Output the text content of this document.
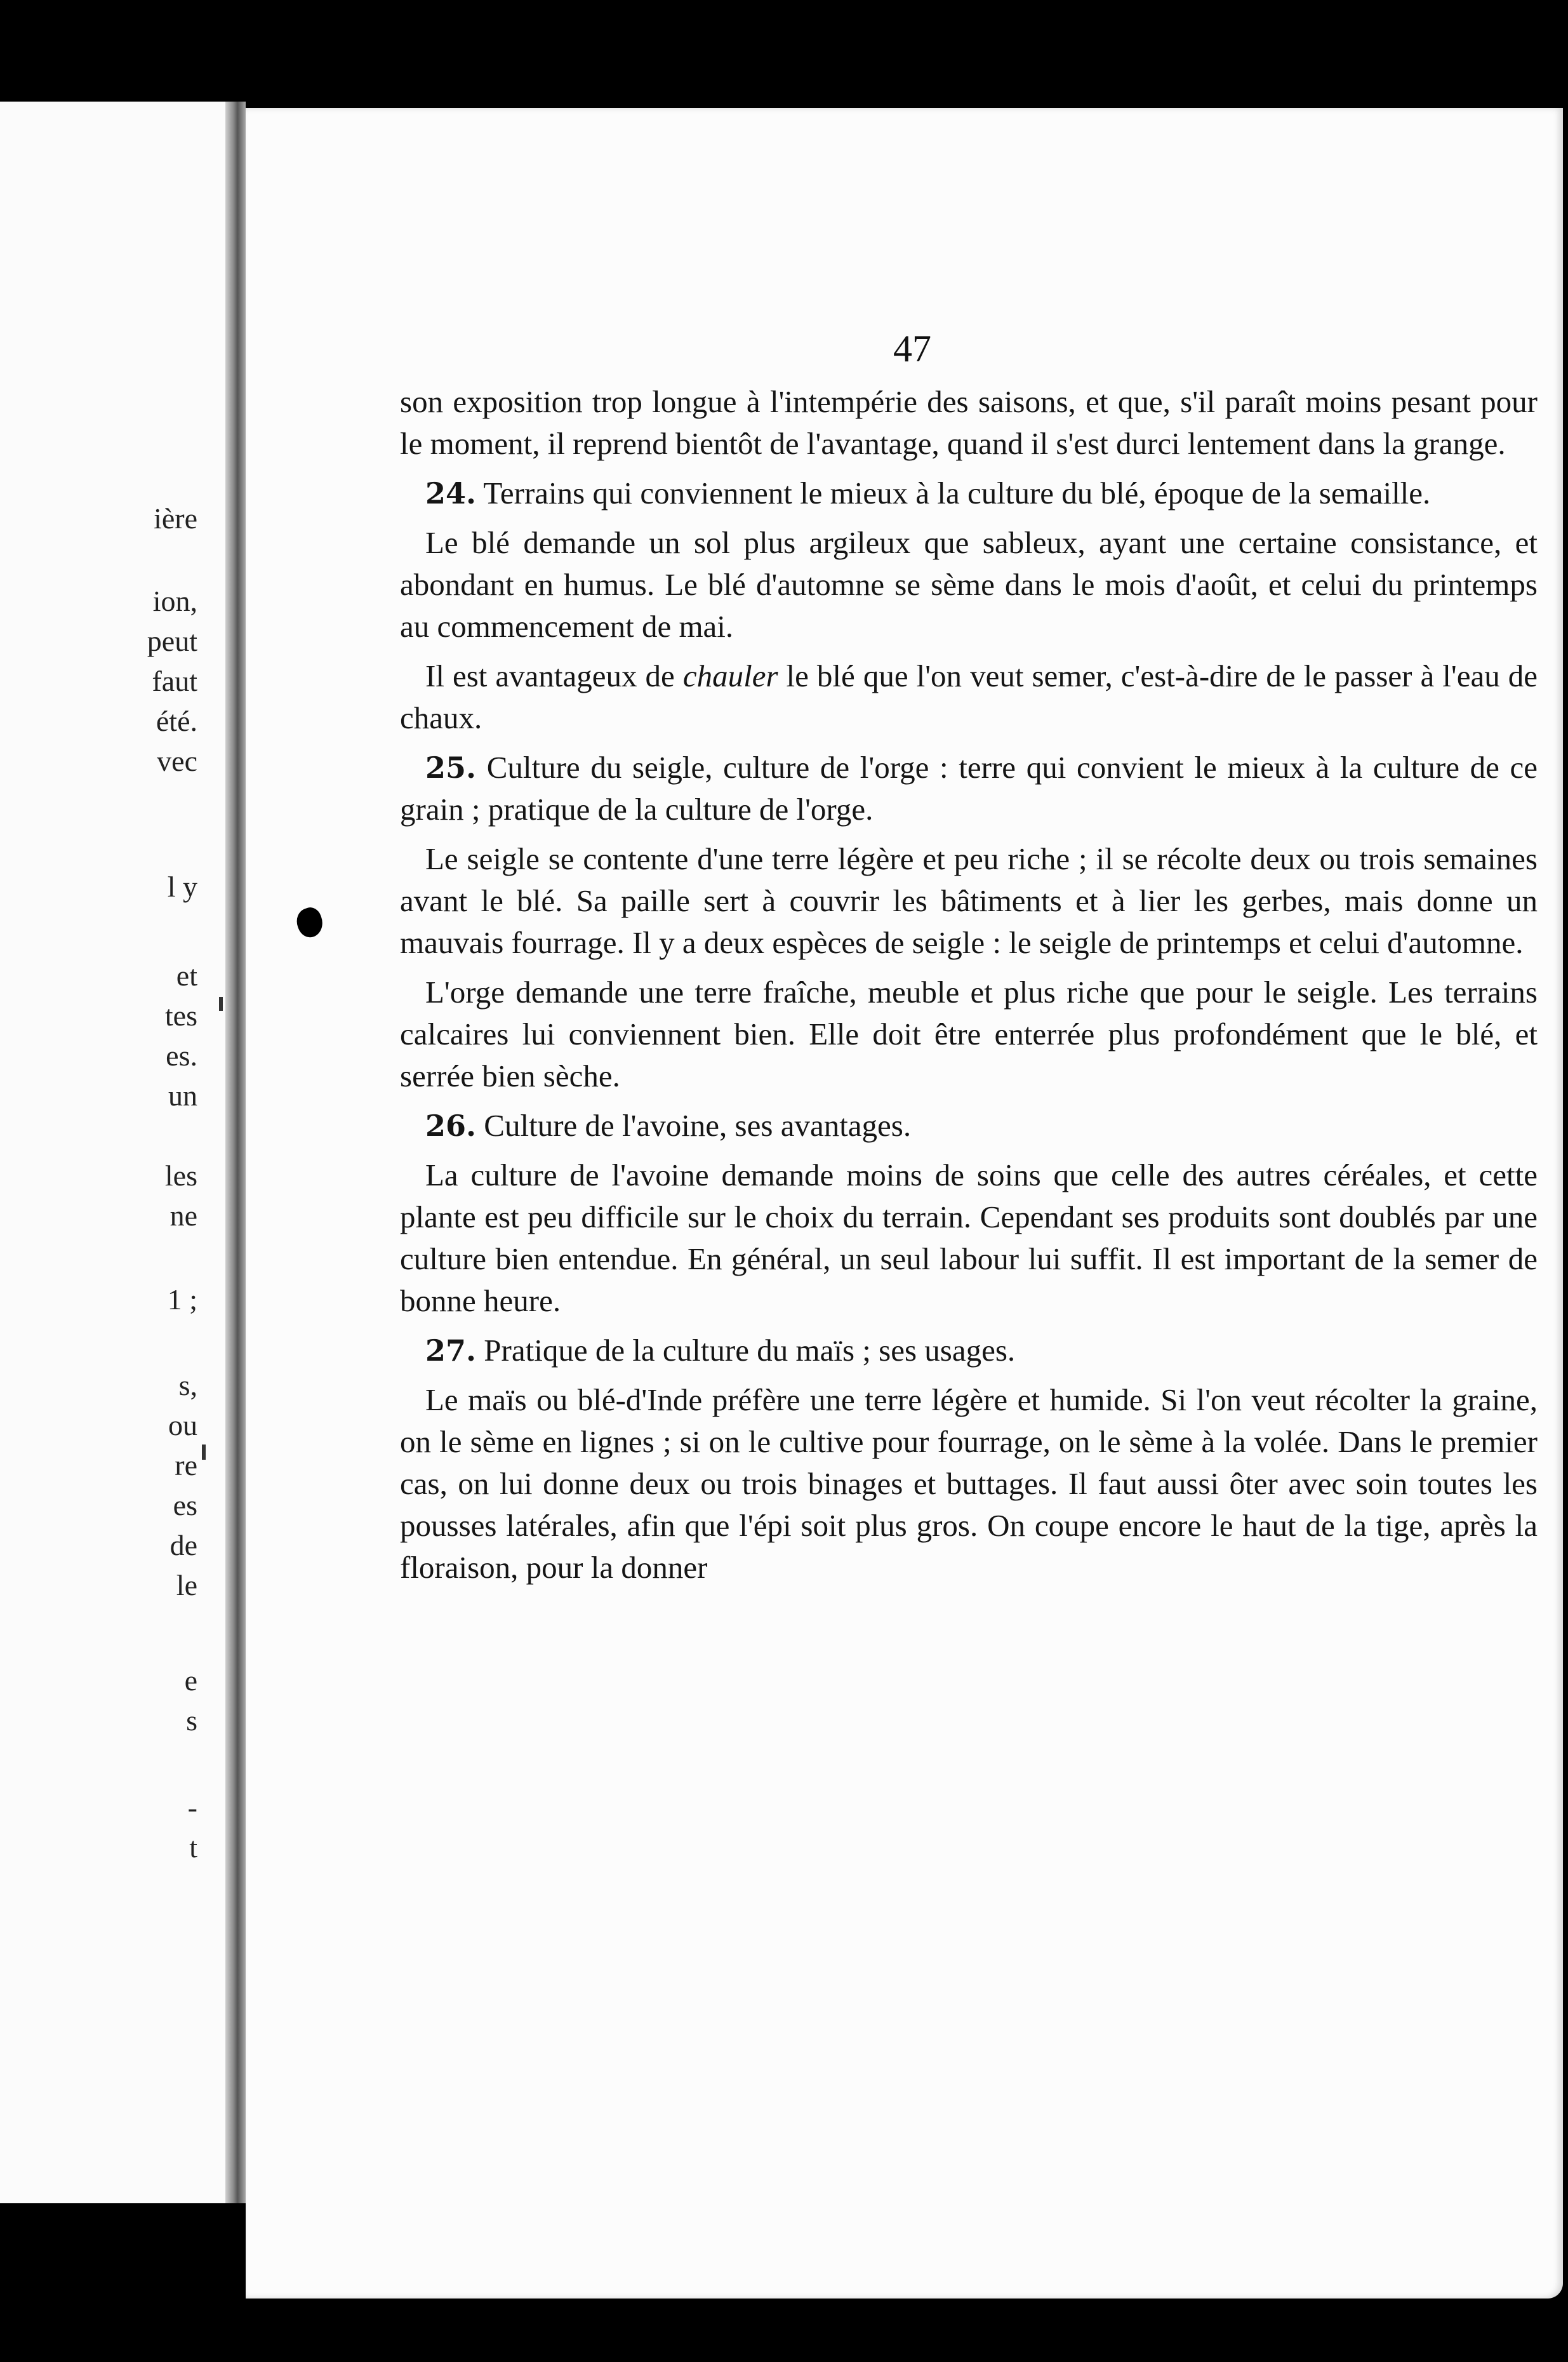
ière
ion,
peut
faut
été.
vec
l y
et
tes
es.
un
les
ne
1 ;
s,
ou
re
es
de
le
e
s
-
t
47

son exposition trop longue à l'intempérie des saisons, et que, s'il paraît moins pesant pour le moment, il reprend bientôt de l'avantage, quand il s'est durci lentement dans la grange.

24. Terrains qui conviennent le mieux à la culture du blé, époque de la semaille.

Le blé demande un sol plus argileux que sableux, ayant une certaine consistance, et abondant en humus. Le blé d'automne se sème dans le mois d'août, et celui du printemps au commencement de mai.

Il est avantageux de chauler le blé que l'on veut semer, c'est-à-dire de le passer à l'eau de chaux.

25. Culture du seigle, culture de l'orge : terre qui convient le mieux à la culture de ce grain ; pratique de la culture de l'orge.

Le seigle se contente d'une terre légère et peu riche ; il se récolte deux ou trois semaines avant le blé. Sa paille sert à couvrir les bâtiments et à lier les gerbes, mais donne un mauvais fourrage. Il y a deux espèces de seigle : le seigle de printemps et celui d'automne.

L'orge demande une terre fraîche, meuble et plus riche que pour le seigle. Les terrains calcaires lui conviennent bien. Elle doit être enterrée plus profondément que le blé, et serrée bien sèche.

26. Culture de l'avoine, ses avantages.

La culture de l'avoine demande moins de soins que celle des autres céréales, et cette plante est peu difficile sur le choix du terrain. Cependant ses produits sont doublés par une culture bien entendue. En général, un seul labour lui suffit. Il est important de la semer de bonne heure.

27. Pratique de la culture du maïs ; ses usages.

Le maïs ou blé-d'Inde préfère une terre légère et humide. Si l'on veut récolter la graine, on le sème en lignes ; si on le cultive pour fourrage, on le sème à la volée. Dans le premier cas, on lui donne deux ou trois binages et buttages. Il faut aussi ôter avec soin toutes les pousses latérales, afin que l'épi soit plus gros. On coupe encore le haut de la tige, après la floraison, pour la donner
